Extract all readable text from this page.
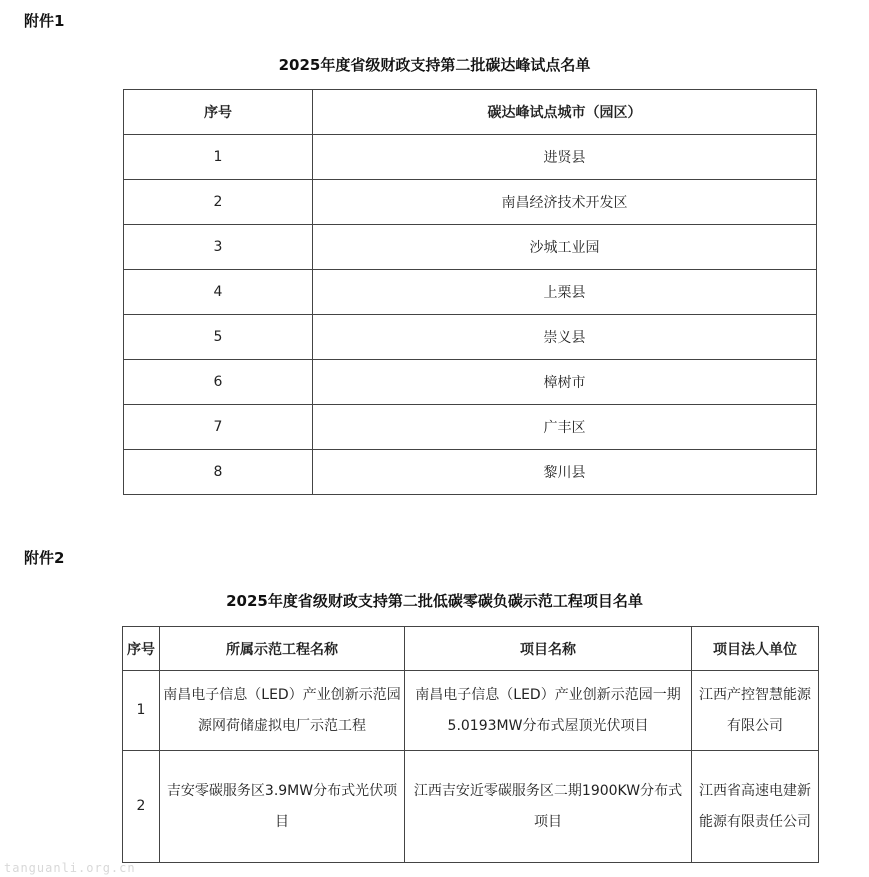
附件1
2025年度省级财政支持第二批碳达峰试点名单
序号	碳达峰试点城市（园区）
1	进贤县
2	南昌经济技术开发区
3	沙城工业园
4	上栗县
5	崇义县
6	樟树市
7	广丰区
8	黎川县
附件2
2025年度省级财政支持第二批低碳零碳负碳示范工程项目名单
序号	所属示范工程名称	项目名称	项目法人单位
1	南昌电子信息（LED）产业创新示范园源网荷储虚拟电厂示范工程	南昌电子信息（LED）产业创新示范园一期5.0193MW分布式屋顶光伏项目	江西产控智慧能源有限公司
2	吉安零碳服务区3.9MW分布式光伏项目	江西吉安近零碳服务区二期1900KW分布式项目	江西省高速电建新能源有限责任公司
tanguanli.org.cn
